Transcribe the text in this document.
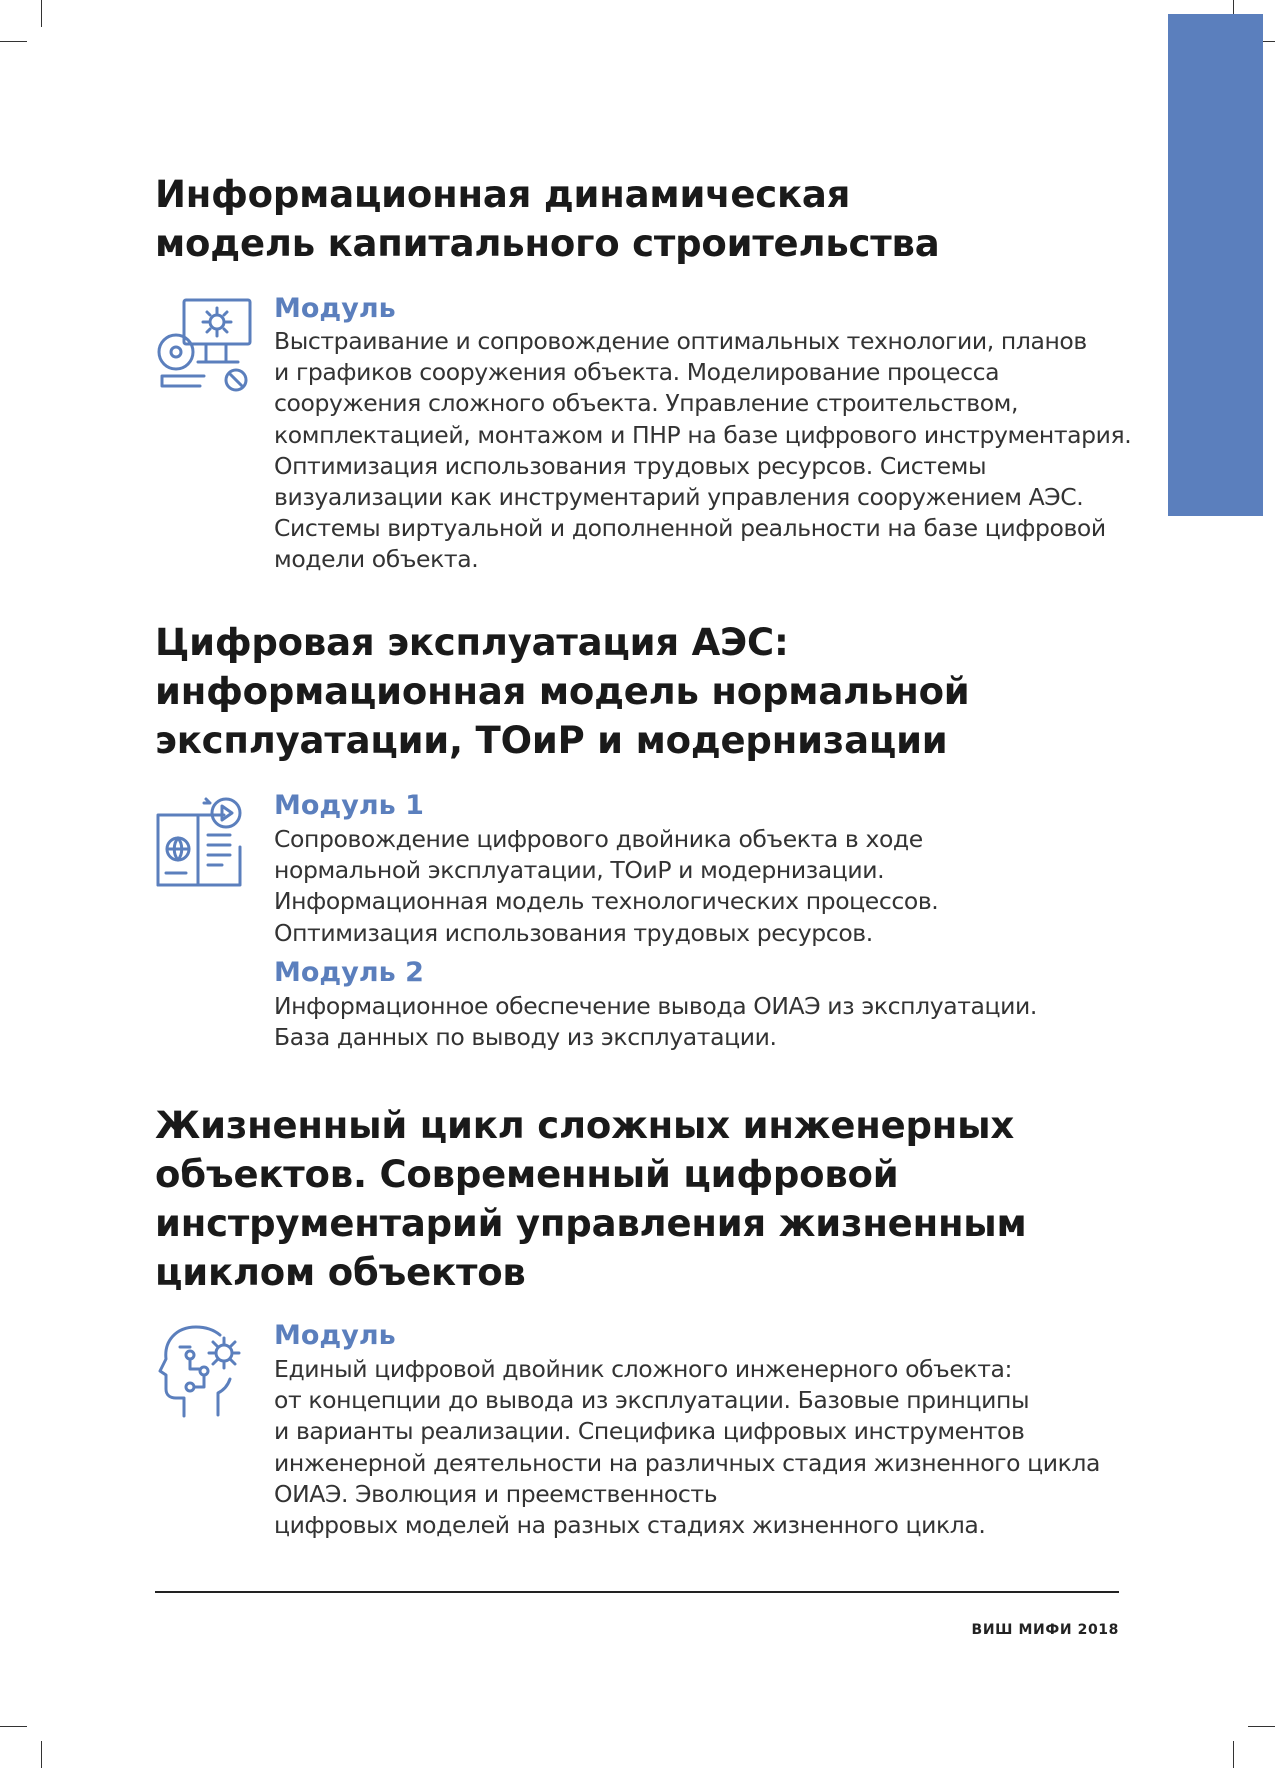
Информационная динамическая
модель капитального строительства
Модуль

Выстраивание и сопровождение оптимальных технологии, планов
и графиков сооружения объекта. Моделирование процесса
сооружения сложного объекта. Управление строительством,
комплектацией, монтажом и ПНР на базе цифрового инструментария.
Оптимизация использования трудовых ресурсов. Системы
визуализации как инструментарий управления сооружением АЭС.
Системы виртуальной и дополненной реальности на базе цифровой
модели объекта.

Цифровая эксплуатация АЭС:
информационная модель нормальной
эксплуатации, ТОиР и модернизации
Модуль 1

Сопровождение цифрового двойника объекта в ходе
нормальной эксплуатации, ТОиР и модернизации.
Информационная модель технологических процессов.
Оптимизация использования трудовых ресурсов.

Модуль 2

Информационное обеспечение вывода ОИАЭ из эксплуатации.
База данных по выводу из эксплуатации.

Жизненный цикл сложных инженерных
объектов. Современный цифровой
инструментарий управления жизненным
циклом объектов
Модуль

Единый цифровой двойник сложного инженерного объекта:
от концепции до вывода из эксплуатации. Базовые принципы
и варианты реализации. Специфика цифровых инструментов
инженерной деятельности на различных стадия жизненного цикла
ОИАЭ. Эволюция и преемственность
цифровых моделей на разных стадиях жизненного цикла.

ВИШ МИФИ 2018
